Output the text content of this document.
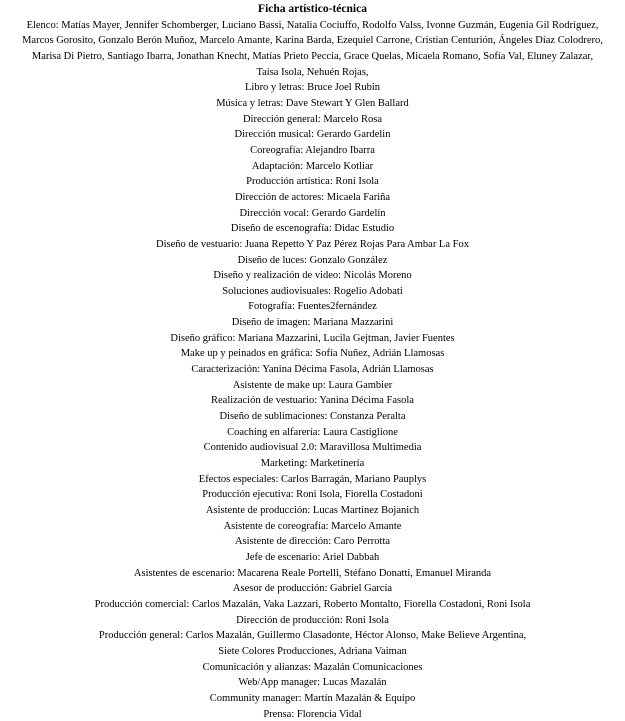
Ficha artístico-técnica
Elenco: Matías Mayer, Jennifer Schomberger, Luciano Bassi, Natalia Cociuffo, Rodolfo Valss, Ivonne Guzmán, Eugenia Gil Rodríguez,
Marcos Gorosito, Gonzalo Berón Muñoz, Marcelo Amante, Karina Barda, Ezequiel Carrone, Cristian Centurión, Ángeles Díaz Colodrero,
Marisa Di Pietro, Santiago Ibarra, Jonathan Knecht, Matías Prieto Peccia, Grace Quelas, Micaela Romano, Sofía Val, Eluney Zalazar,
Taisa Isola, Nehuén Rojas,
Libro y letras: Bruce Joel Rubin
Música y letras: Dave Stewart Y Glen Ballard
Dirección general: Marcelo Rosa
Dirección musical: Gerardo Gardelin
Coreografía: Alejandro Ibarra
Adaptación: Marcelo Kotliar
Producción artística: Roni Isola
Dirección de actores: Micaela Fariña
Dirección vocal: Gerardo Gardelín
Diseño de escenografía: Didac Estudio
Diseño de vestuario: Juana Repetto Y Paz Pérez Rojas Para Ambar La Fox
Diseño de luces: Gonzalo González
Diseño y realización de video: Nicolás Moreno
Soluciones audiovisuales: Rogelio Adobati
Fotografía: Fuentes2fernández
Diseño de imagen: Mariana Mazzarini
Diseño gráfico: Mariana Mazzarini, Lucila Gejtman, Javier Fuentes
Make up y peinados en gráfica: Sofía Nuñez, Adrián Llamosas
Caracterización: Yanina Décima Fasola, Adrián Llamosas
Asistente de make up: Laura Gambier
Realización de vestuario: Yanina Décima Fasola
Diseño de sublimaciones: Constanza Peralta
Coaching en alfarería: Laura Castiglione
Contenido audiovisual 2.0: Maravillosa Multimedia
Marketing: Marketinería
Efectos especiales: Carlos Barragán, Mariano Pauplys
Producción ejecutiva: Roni Isola, Fiorella Costadoni
Asistente de producción: Lucas Martínez Bojanich
Asistente de coreografía: Marcelo Amante
Asistente de dirección: Caro Perrotta
Jefe de escenario: Ariel Dabbah
Asistentes de escenario: Macarena Reale Portelli, Stéfano Donatti, Emanuel Miranda
Asesor de producción: Gabriel García
Producción comercial: Carlos Mazalán, Vaka Lazzari, Roberto Montalto, Fiorella Costadoni, Roni Isola
Dirección de producción: Roni Isola
Producción general: Carlos Mazalán, Guillermo Clasadonte, Héctor Alonso, Make Believe Argentina,
Siete Colores Producciones, Adriana Vaiman
Comunicación y alianzas: Mazalán Comunicaciones
Web/App manager: Lucas Mazalán
Community manager: Martín Mazalán & Equipo
Prensa: Florencia Vidal
